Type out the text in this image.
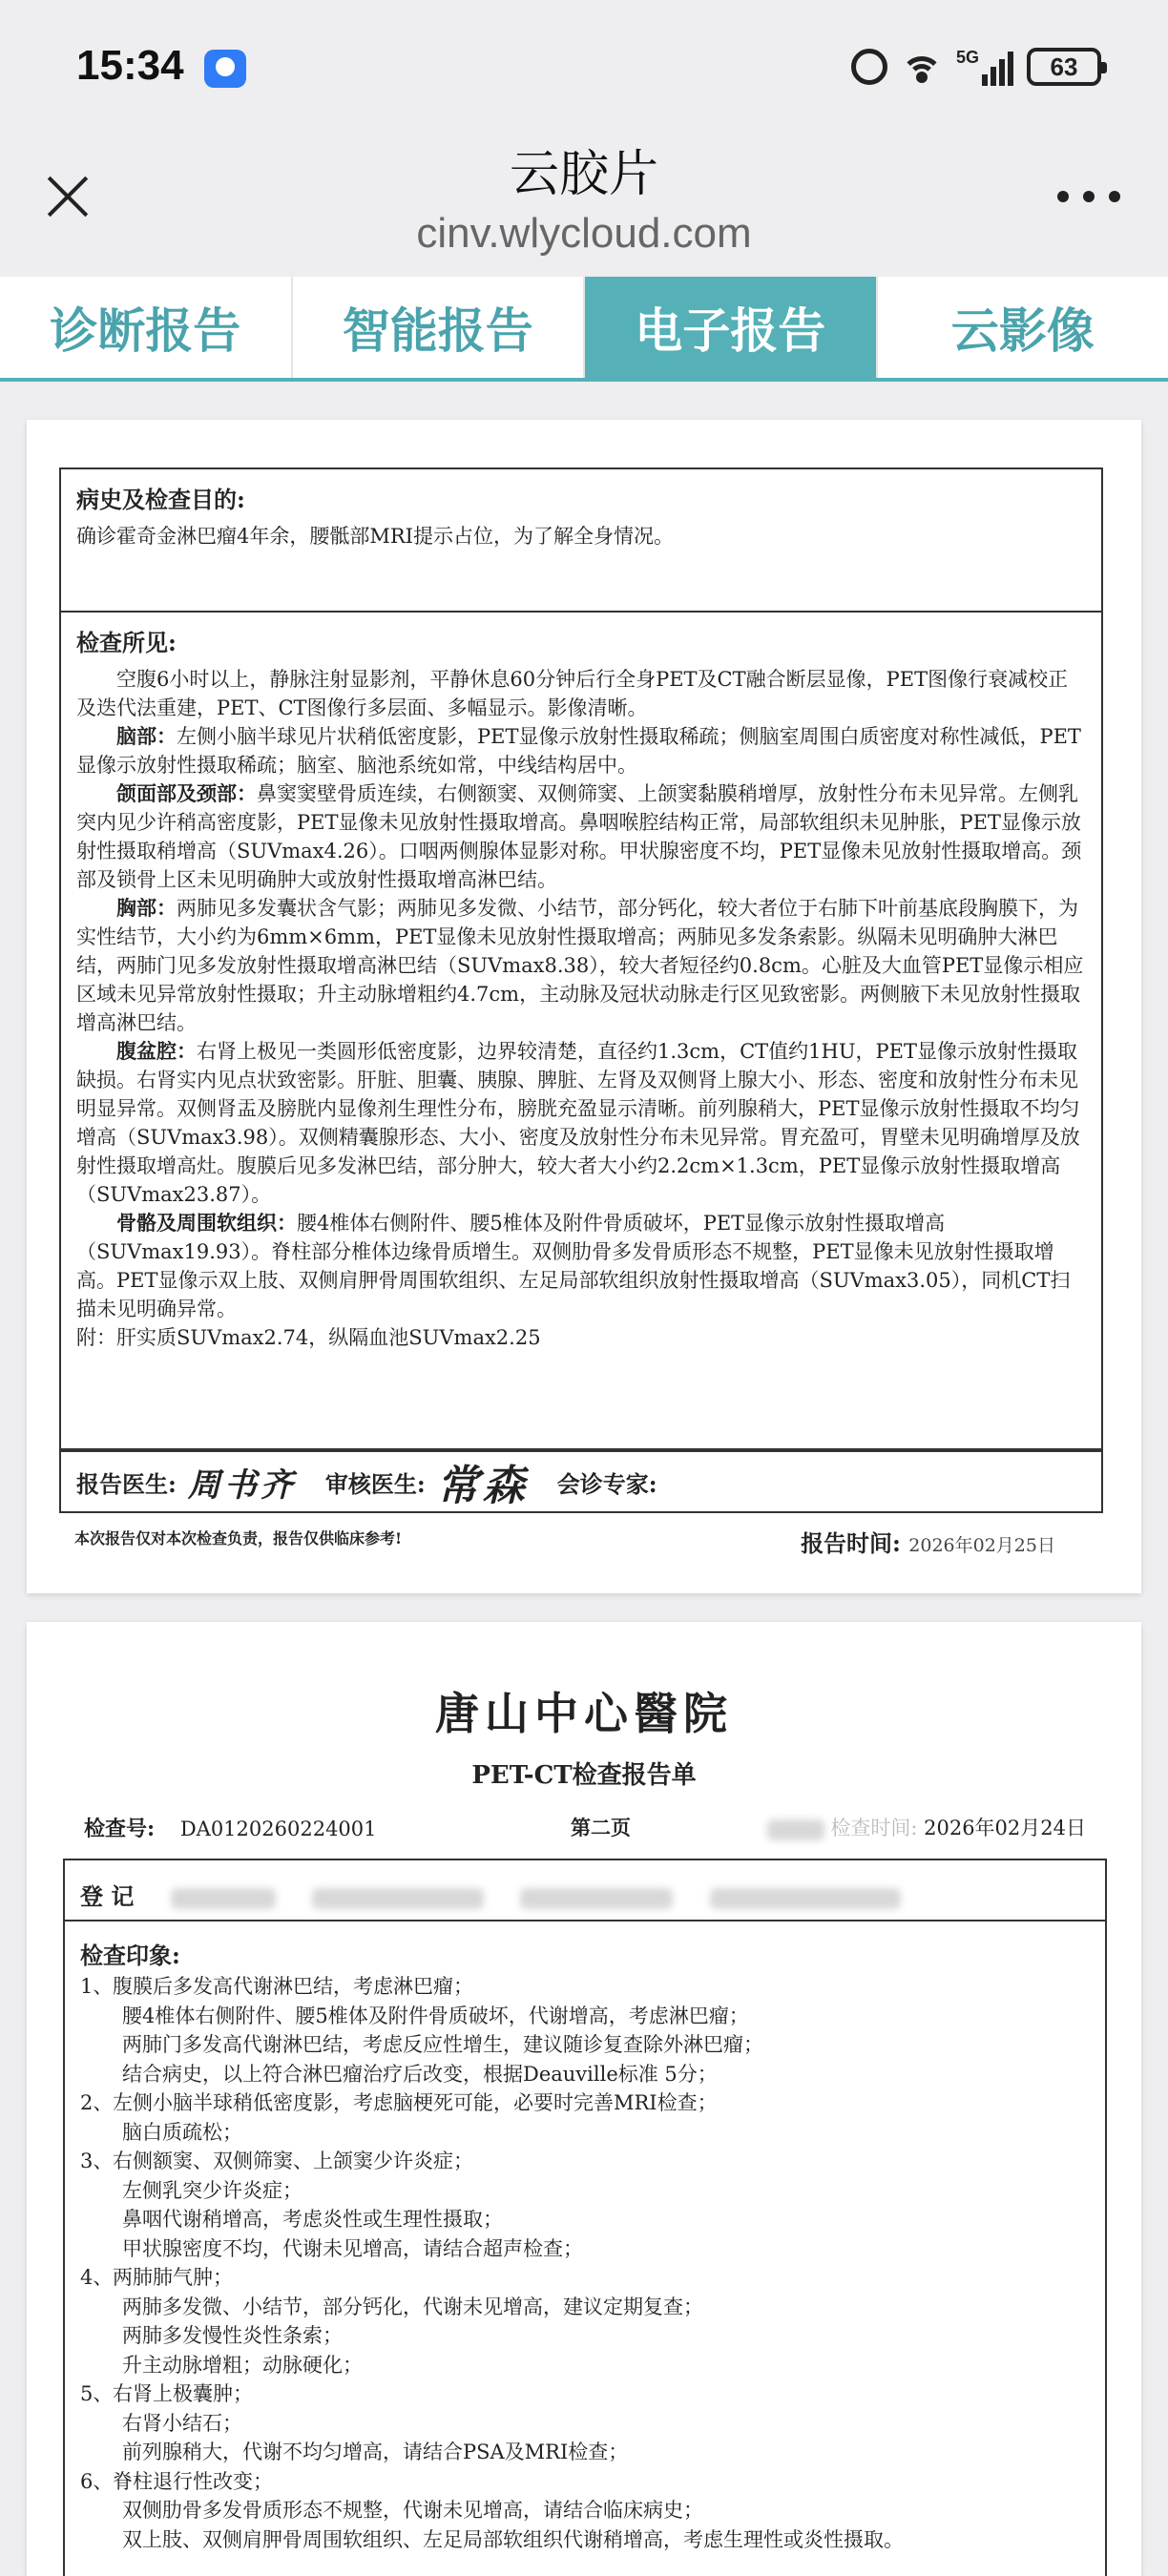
15:34	5G	63
云胶片
cinv.wlycloud.com
诊断报告	智能报告	电子报告	云影像
病史及检查目的:
确诊霍奇金淋巴瘤4年余，腰骶部MRI提示占位，为了解全身情况。
检查所见:
空腹6小时以上，静脉注射显影剂，平静休息60分钟后行全身PET及CT融合断层显像，PET图像行衰减校正及迭代法重建，PET、CT图像行多层面、多幅显示。影像清晰。
脑部：左侧小脑半球见片状稍低密度影，PET显像示放射性摄取稀疏；侧脑室周围白质密度对称性减低，PET显像示放射性摄取稀疏；脑室、脑池系统如常，中线结构居中。
颌面部及颈部：鼻窦窦壁骨质连续，右侧额窦、双侧筛窦、上颌窦黏膜稍增厚，放射性分布未见异常。左侧乳突内见少许稍高密度影，PET显像未见放射性摄取增高。鼻咽喉腔结构正常，局部软组织未见肿胀，PET显像示放射性摄取稍增高（SUVmax4.26）。口咽两侧腺体显影对称。甲状腺密度不均，PET显像未见放射性摄取增高。颈部及锁骨上区未见明确肿大或放射性摄取增高淋巴结。
胸部：两肺见多发囊状含气影；两肺见多发微、小结节，部分钙化，较大者位于右肺下叶前基底段胸膜下，为实性结节，大小约为6mm×6mm，PET显像未见放射性摄取增高；两肺见多发条索影。纵隔未见明确肿大淋巴结，两肺门见多发放射性摄取增高淋巴结（SUVmax8.38），较大者短径约0.8cm。心脏及大血管PET显像示相应区域未见异常放射性摄取；升主动脉增粗约4.7cm，主动脉及冠状动脉走行区见致密影。两侧腋下未见放射性摄取增高淋巴结。
腹盆腔：右肾上极见一类圆形低密度影，边界较清楚，直径约1.3cm，CT值约1HU，PET显像示放射性摄取缺损。右肾实内见点状致密影。肝脏、胆囊、胰腺、脾脏、左肾及双侧肾上腺大小、形态、密度和放射性分布未见明显异常。双侧肾盂及膀胱内显像剂生理性分布，膀胱充盈显示清晰。前列腺稍大，PET显像示放射性摄取不均匀增高（SUVmax3.98）。双侧精囊腺形态、大小、密度及放射性分布未见异常。胃充盈可，胃壁未见明确增厚及放射性摄取增高灶。腹膜后见多发淋巴结，部分肿大，较大者大小约2.2cm×1.3cm，PET显像示放射性摄取增高（SUVmax23.87）。
骨骼及周围软组织：腰4椎体右侧附件、腰5椎体及附件骨质破坏，PET显像示放射性摄取增高（SUVmax19.93）。脊柱部分椎体边缘骨质增生。双侧肋骨多发骨质形态不规整，PET显像未见放射性摄取增高。PET显像示双上肢、双侧肩胛骨周围软组织、左足局部软组织放射性摄取增高（SUVmax3.05），同机CT扫描未见明确异常。
附：肝实质SUVmax2.74，纵隔血池SUVmax2.25
报告医生: 周书齐 审核医生: 常森 会诊专家:
本次报告仅对本次检查负责，报告仅供临床参考!	报告时间: 2026年02月25日
唐山中心醫院
PET-CT检查报告单
检查号: DA0120260224001	第二页	检查时间: 2026年02月24日
登 记
检查印象:
1、腹膜后多发高代谢淋巴结，考虑淋巴瘤；
腰4椎体右侧附件、腰5椎体及附件骨质破坏，代谢增高，考虑淋巴瘤；
两肺门多发高代谢淋巴结，考虑反应性增生，建议随诊复查除外淋巴瘤；
结合病史，以上符合淋巴瘤治疗后改变，根据Deauville标准 5分；
2、左侧小脑半球稍低密度影，考虑脑梗死可能，必要时完善MRI检查；
脑白质疏松；
3、右侧额窦、双侧筛窦、上颌窦少许炎症；
左侧乳突少许炎症；
鼻咽代谢稍增高，考虑炎性或生理性摄取；
甲状腺密度不均，代谢未见增高，请结合超声检查；
4、两肺肺气肿；
两肺多发微、小结节，部分钙化，代谢未见增高，建议定期复查；
两肺多发慢性炎性条索；
升主动脉增粗；动脉硬化；
5、右肾上极囊肿；
右肾小结石；
前列腺稍大，代谢不均匀增高，请结合PSA及MRI检查；
6、脊柱退行性改变；
双侧肋骨多发骨质形态不规整，代谢未见增高，请结合临床病史；
双上肢、双侧肩胛骨周围软组织、左足局部软组织代谢稍增高，考虑生理性或炎性摄取。
